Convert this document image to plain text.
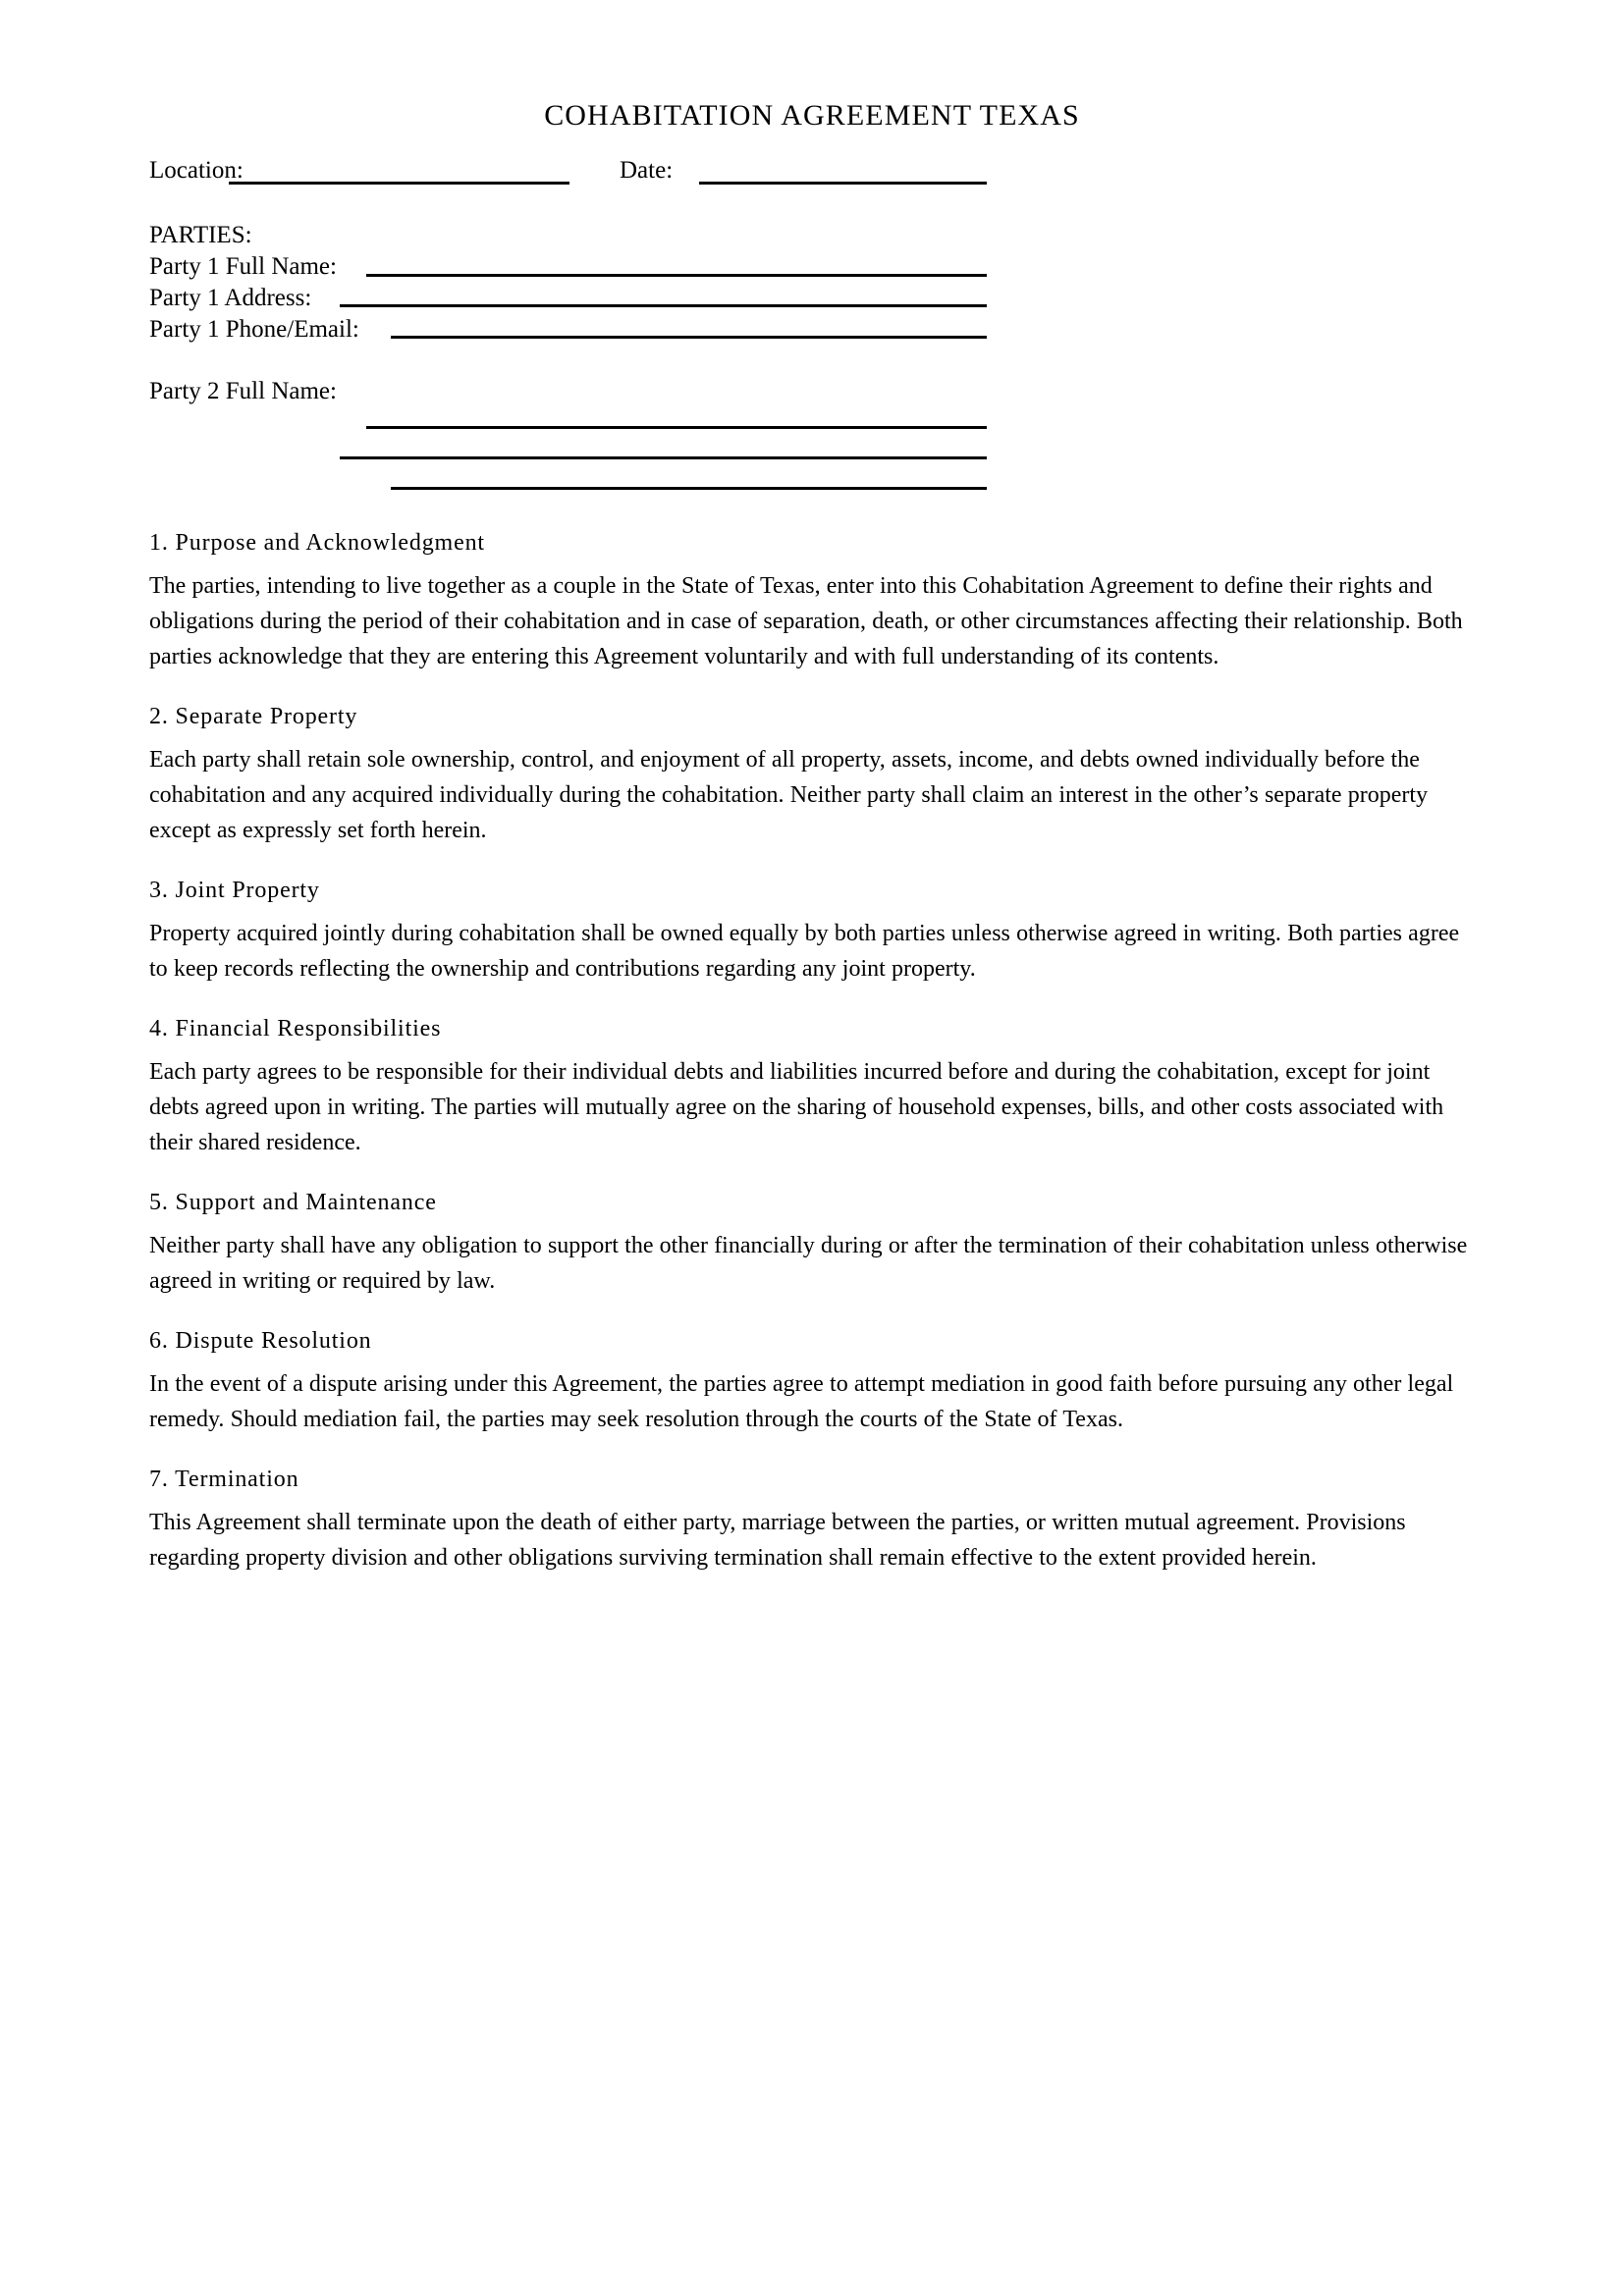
COHABITATION AGREEMENT TEXAS
Location:	Date:
PARTIES:
Party 1 Full Name:
Party 1 Address:
Party 1 Phone/Email:
Party 2 Full Name:
1. Purpose and Acknowledgment

The parties, intending to live together as a couple in the State of Texas, enter into this Cohabitation Agreement to define their rights and obligations during the period of their cohabitation and in case of separation, death, or other circumstances affecting their relationship. Both parties acknowledge that they are entering this Agreement voluntarily and with full understanding of its contents.

2. Separate Property

Each party shall retain sole ownership, control, and enjoyment of all property, assets, income, and debts owned individually before the cohabitation and any acquired individually during the cohabitation. Neither party shall claim an interest in the other’s separate property except as expressly set forth herein.

3. Joint Property

Property acquired jointly during cohabitation shall be owned equally by both parties unless otherwise agreed in writing. Both parties agree to keep records reflecting the ownership and contributions regarding any joint property.

4. Financial Responsibilities

Each party agrees to be responsible for their individual debts and liabilities incurred before and during the cohabitation, except for joint debts agreed upon in writing. The parties will mutually agree on the sharing of household expenses, bills, and other costs associated with their shared residence.

5. Support and Maintenance

Neither party shall have any obligation to support the other financially during or after the termination of their cohabitation unless otherwise agreed in writing or required by law.

6. Dispute Resolution

In the event of a dispute arising under this Agreement, the parties agree to attempt mediation in good faith before pursuing any other legal remedy. Should mediation fail, the parties may seek resolution through the courts of the State of Texas.

7. Termination

This Agreement shall terminate upon the death of either party, marriage between the parties, or written mutual agreement. Provisions regarding property division and other obligations surviving termination shall remain effective to the extent provided herein.
